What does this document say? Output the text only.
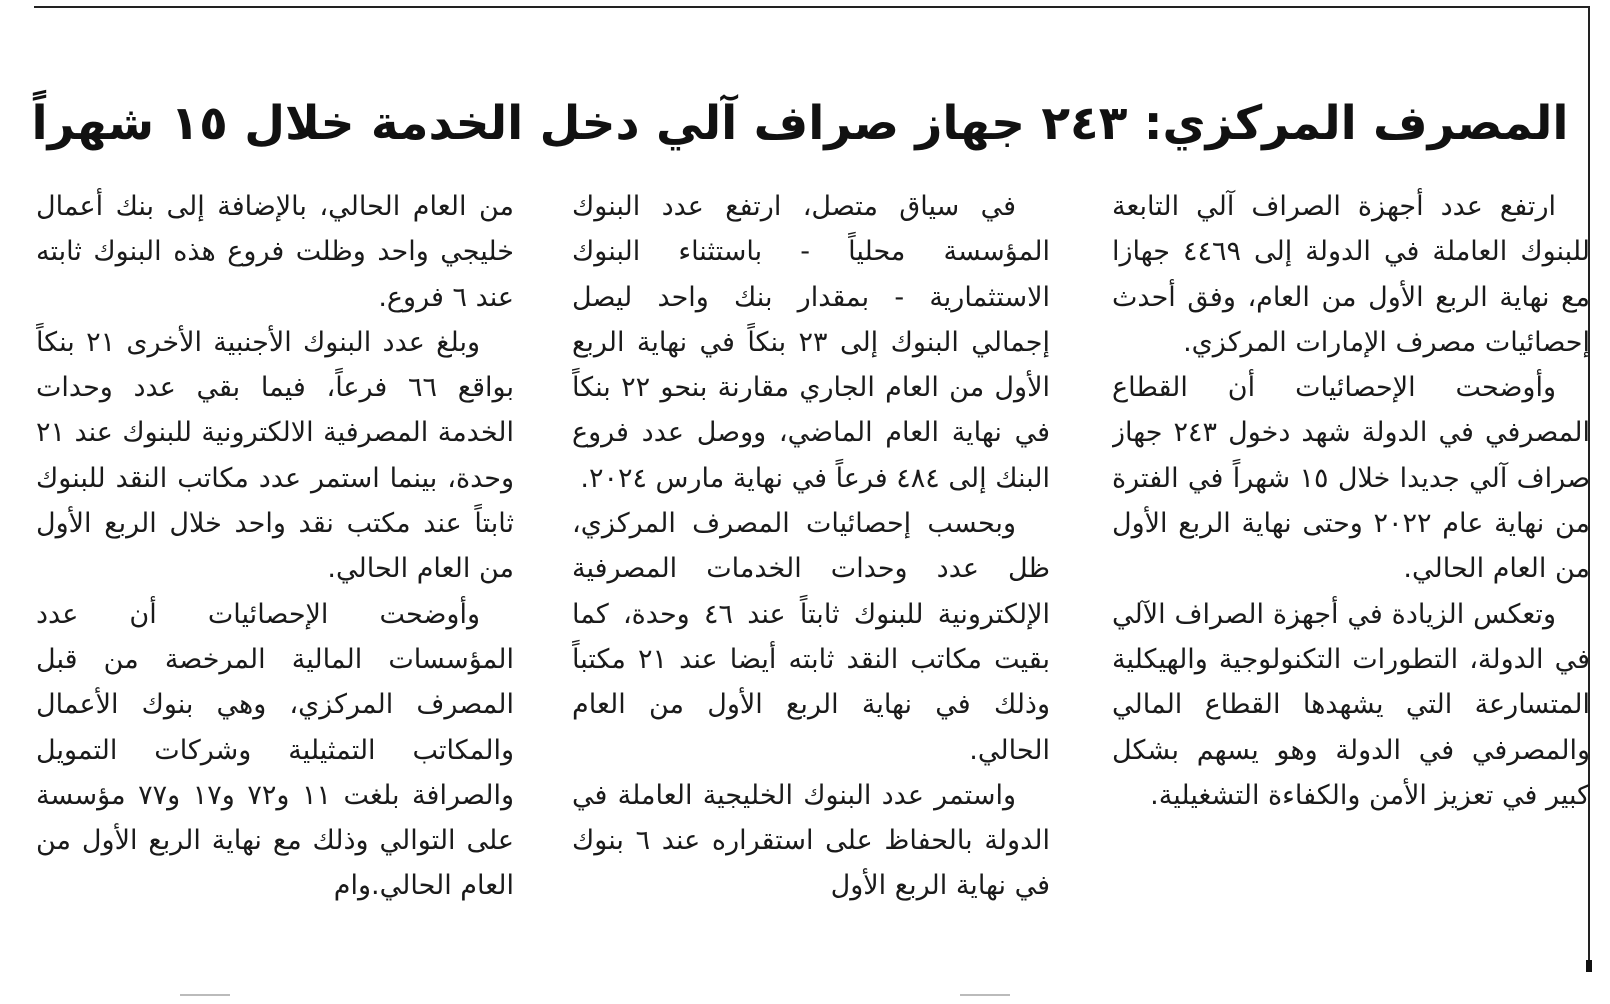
المصرف المركزي: ٢٤٣ جهاز صراف آلي دخل الخدمة خلال ١٥ شهراً

ارتفع عدد أجهزة الصراف آلي التابعة للبنوك العاملة في الدولة إلى ٤٤٦٩ جهازا مع نهاية الربع الأول من العام، وفق أحدث إحصائيات مصرف الإمارات المركزي.

وأوضحت الإحصائيات أن القطاع المصرفي في الدولة شهد دخول ٢٤٣ جهاز صراف آلي جديدا خلال ١٥ شهراً في الفترة من نهاية عام ٢٠٢٢ وحتى نهاية الربع الأول من العام الحالي.

وتعكس الزيادة في أجهزة الصراف الآلي في الدولة، التطورات التكنولوجية والهيكلية المتسارعة التي يشهدها القطاع المالي والمصرفي في الدولة وهو يسهم بشكل كبير في تعزيز الأمن والكفاءة التشغيلية.

في سياق متصل، ارتفع عدد البنوك المؤسسة محلياً - باستثناء البنوك الاستثمارية - بمقدار بنك واحد ليصل إجمالي البنوك إلى ٢٣ بنكاً في نهاية الربع الأول من العام الجاري مقارنة بنحو ٢٢ بنكاً في نهاية العام الماضي، ووصل عدد فروع البنك إلى ٤٨٤ فرعاً في نهاية مارس ٢٠٢٤.

وبحسب إحصائيات المصرف المركزي، ظل عدد وحدات الخدمات المصرفية الإلكترونية للبنوك ثابتاً عند ٤٦ وحدة، كما بقيت مكاتب النقد ثابته أيضا عند ٢١ مكتباً وذلك في نهاية الربع الأول من العام الحالي.

واستمر عدد البنوك الخليجية العاملة في الدولة بالحفاظ على استقراره عند ٦ بنوك في نهاية الربع الأول

من العام الحالي، بالإضافة إلى بنك أعمال خليجي واحد وظلت فروع هذه البنوك ثابته عند ٦ فروع.

وبلغ عدد البنوك الأجنبية الأخرى ٢١ بنكاً بواقع ٦٦ فرعاً، فيما بقي عدد وحدات الخدمة المصرفية الالكترونية للبنوك عند ٢١ وحدة، بينما استمر عدد مكاتب النقد للبنوك ثابتاً عند مكتب نقد واحد خلال الربع الأول من العام الحالي.

وأوضحت الإحصائيات أن عدد المؤسسات المالية المرخصة من قبل المصرف المركزي، وهي بنوك الأعمال والمكاتب التمثيلية وشركات التمويل والصرافة بلغت ١١ و٧٢ و١٧ و٧٧ مؤسسة على التوالي وذلك مع نهاية الربع الأول من العام الحالي.وام
